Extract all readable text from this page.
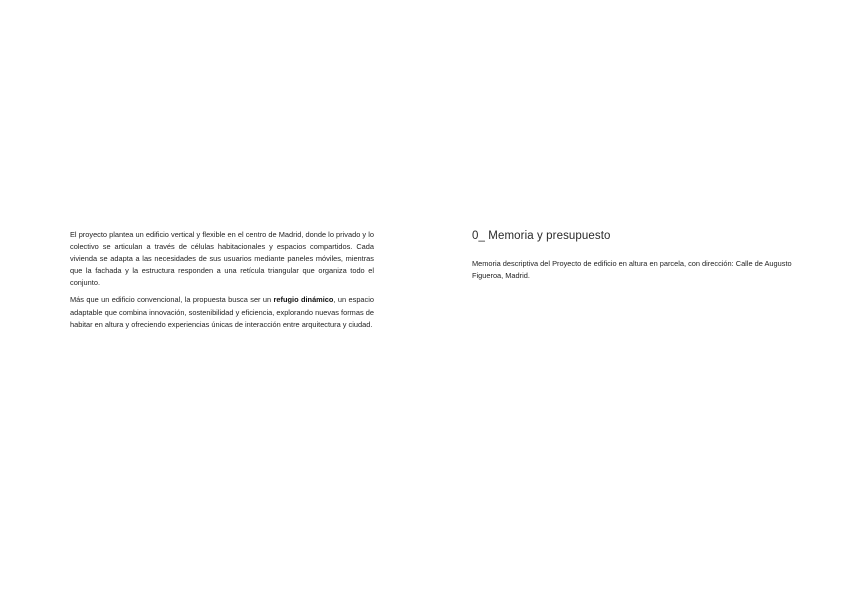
El proyecto plantea un edificio vertical y flexible en el centro de Madrid, donde lo privado y lo colectivo se articulan a través de células habitacionales y espacios compartidos. Cada vivienda se adapta a las necesidades de sus usuarios mediante paneles móviles, mientras que la fachada y la estructura responden a una retícula triangular que organiza todo el conjunto.

Más que un edificio convencional, la propuesta busca ser un refugio dinámico, un espacio adaptable que combina innovación, sostenibilidad y eficiencia, explorando nuevas formas de habitar en altura y ofreciendo experiencias únicas de interacción entre arquitectura y ciudad.

0_ Memoria y presupuesto
Memoria descriptiva del Proyecto de edificio en altura en parcela, con dirección: Calle de Augusto Figueroa, Madrid.
